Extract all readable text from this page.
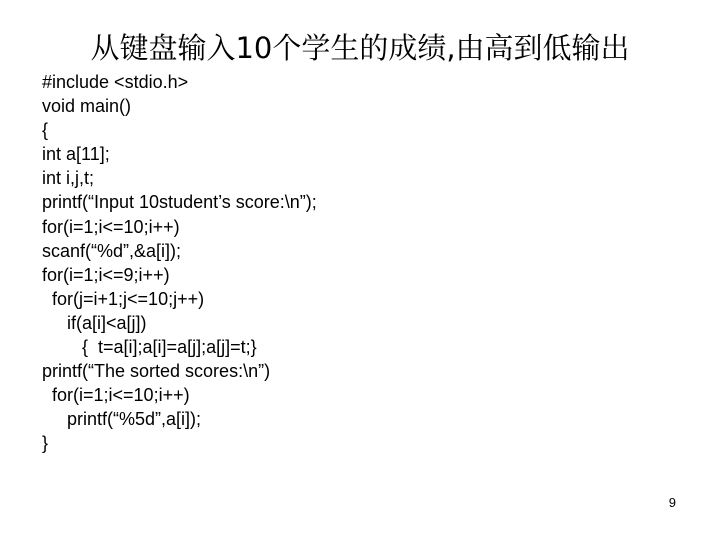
从键盘输入10个学生的成绩,由高到低输出
#include <stdio.h>
void main()
{
int a[11];
int i,j,t;
printf(“Input 10student’s score:\n”);
for(i=1;i<=10;i++)
scanf(“%d”,&a[i]);
for(i=1;i<=9;i++)
for(j=i+1;j<=10;j++)
if(a[i]<a[j])
{  t=a[i];a[i]=a[j];a[j]=t;}
printf(“The sorted scores:\n”)
for(i=1;i<=10;i++)
printf(“%5d”,a[i]);
}
9
